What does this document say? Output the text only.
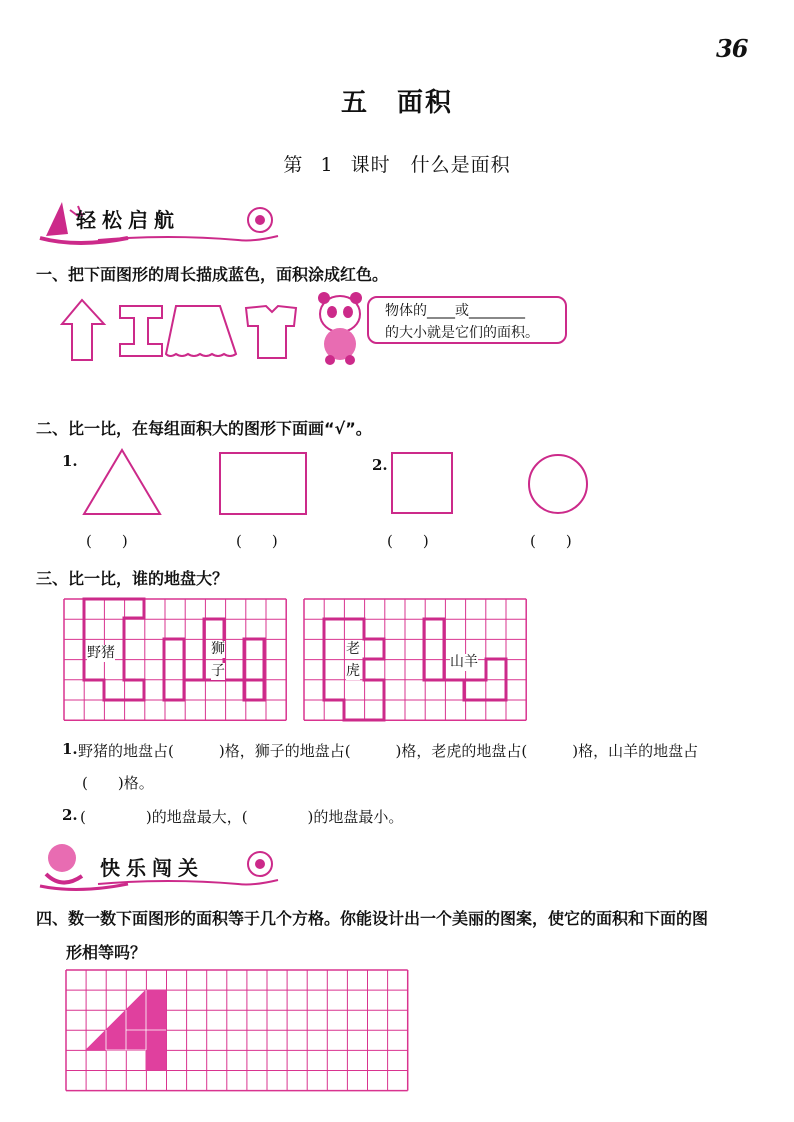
36
五　面积
第 1 课时　什么是面积
轻松启航
一、把下面图形的周长描成蓝色，面积涂成红色。
物体的____或________
的大小就是它们的面积。
二、比一比，在每组面积大的图形下面画“√”。
1.	2.
(　　)	(　　)	(　　)	(　　)
三、比一比，谁的地盘大？
野猪	狮
子
老
虎
山羊
1. 野猪的地盘占(　　　)格，狮子的地盘占(　　　)格，老虎的地盘占(　　　)格，山羊的地盘占
(　　)格。
2. (　　　　)的地盘最大，(　　　　)的地盘最小。
快乐闯关
四、数一数下面图形的面积等于几个方格。你能设计出一个美丽的图案，使它的面积和下面的图
形相等吗？
